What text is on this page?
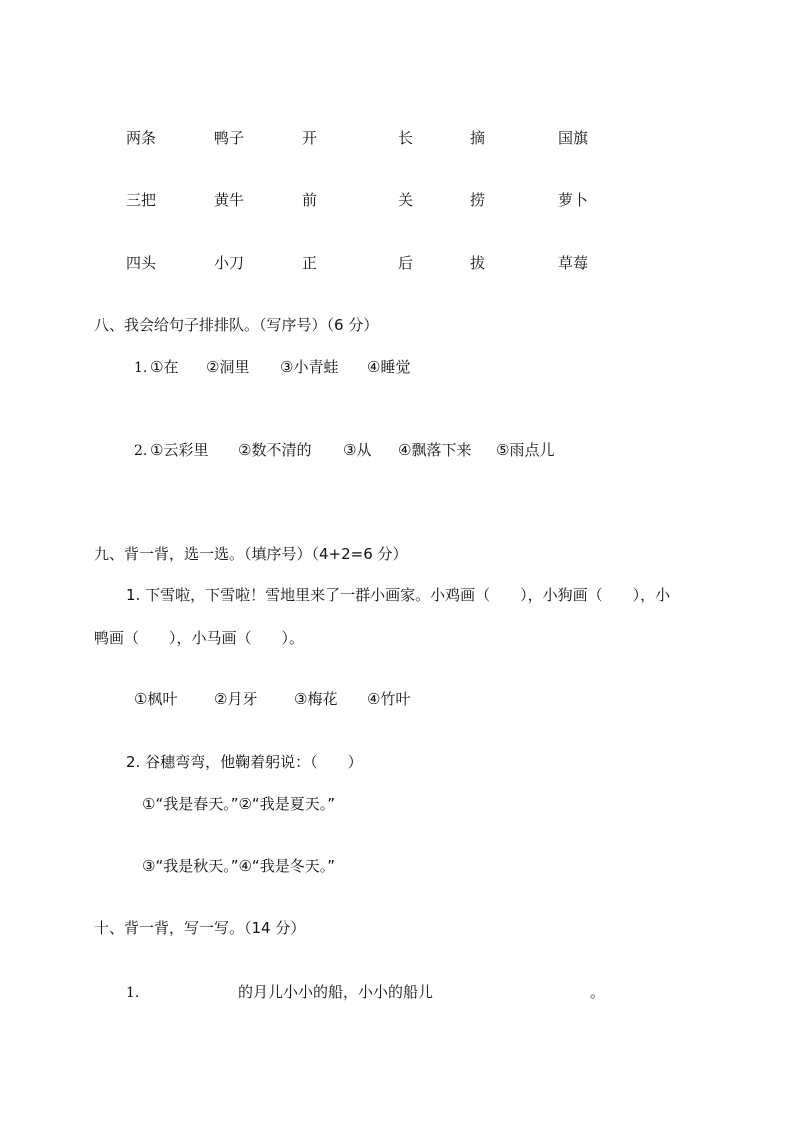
两条	鸭子	开	长	摘	国旗
三把	黄牛	前	关	捞	萝卜
四头	小刀	正	后	拔	草莓
八、我会给句子排排队。（写序号）（6 分）
1. ①在 ②洞里 ③小青蛙 ④睡觉
2. ①云彩里 ②数不清的 ③从 ④飘落下来 ⑤雨点儿
九、背一背，选一选。（填序号）（4+2=6 分）
1. 下雪啦，下雪啦！雪地里来了一群小画家。小鸡画（　　），小狗画（　　），小
鸭画（　　），小马画（　　）。
①枫叶 ②月牙 ③梅花 ④竹叶
2. 谷穗弯弯，他鞠着躬说：（　　）
①“我是春天。”②“我是夏天。”
③“我是秋天。”④“我是冬天。”
十、背一背，写一写。（14 分）
1.	的月儿小小的船，小小的船儿	。
